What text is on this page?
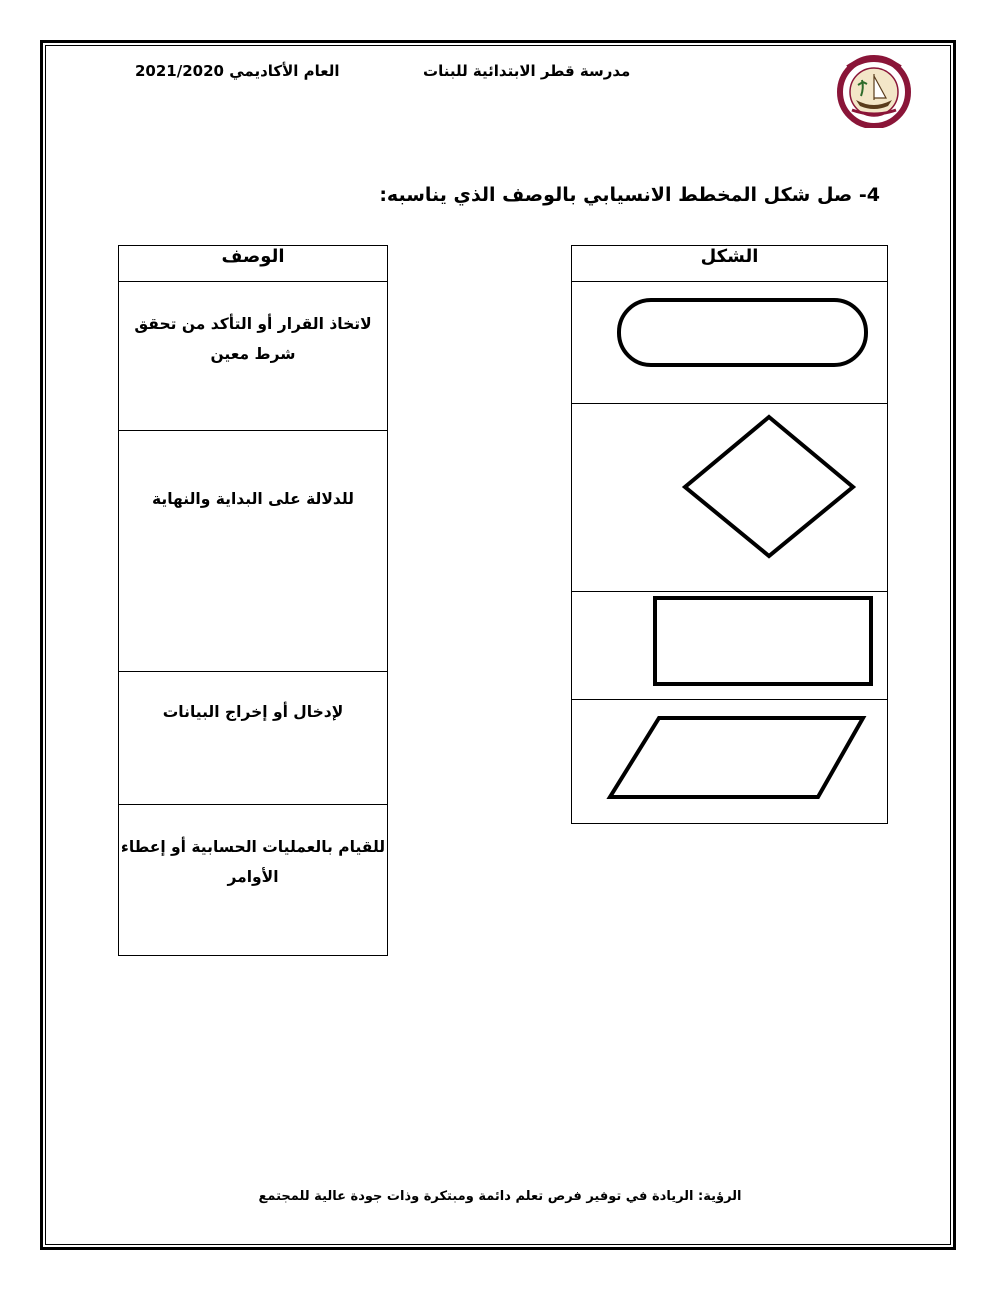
العام الأكاديمي 2021/2020	مدرسة قطر الابتدائية للبنات
4- صل شكل المخطط الانسيابي بالوصف الذي يناسبه:
الوصف
لاتخاذ القرار أو التأكد من تحقق شرط معين
للدلالة على البداية والنهاية
لإدخال أو إخراج البيانات
للقيام بالعمليات الحسابية أو إعطاء الأوامر
الشكل

الرؤية: الريادة في توفير فرص تعلم دائمة ومبتكرة وذات جودة عالية للمجتمع
